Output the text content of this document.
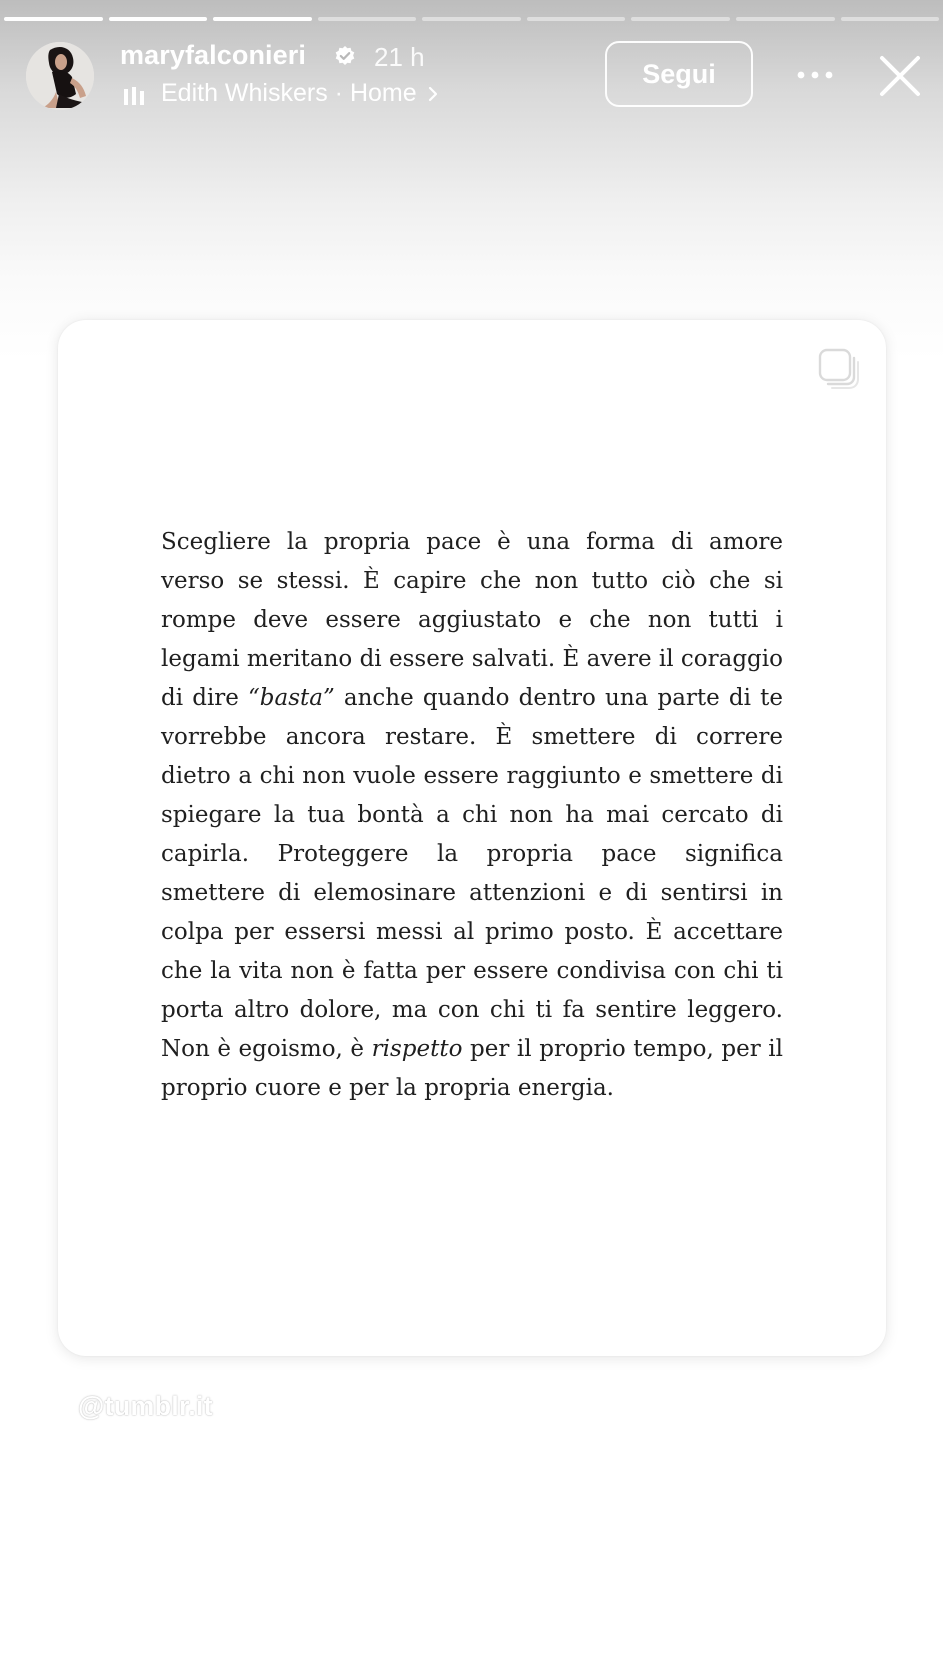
maryfalconieri	21 h
Edith Whiskers · Home
Segui

Scegliere la propria pace è una forma di amore verso se stessi. È capire che non tutto ciò che si rompe deve essere aggiustato e che non tutti i legami meritano di essere salvati. È avere il coraggio di dire “basta” anche quando dentro una parte di te vorrebbe ancora restare. È smettere di correre dietro a chi non vuole essere raggiunto e smettere di spiegare la tua bontà a chi non ha mai cercato di capirla. Proteggere la propria pace significa smettere di elemosinare attenzioni e di sentirsi in colpa per essersi messi al primo posto. È accettare che la vita non è fatta per essere condivisa con chi ti porta altro dolore, ma con chi ti fa sentire leggero. Non è egoismo, è rispetto per il proprio tempo, per il proprio cuore e per la propria energia.

@tumblr.it
